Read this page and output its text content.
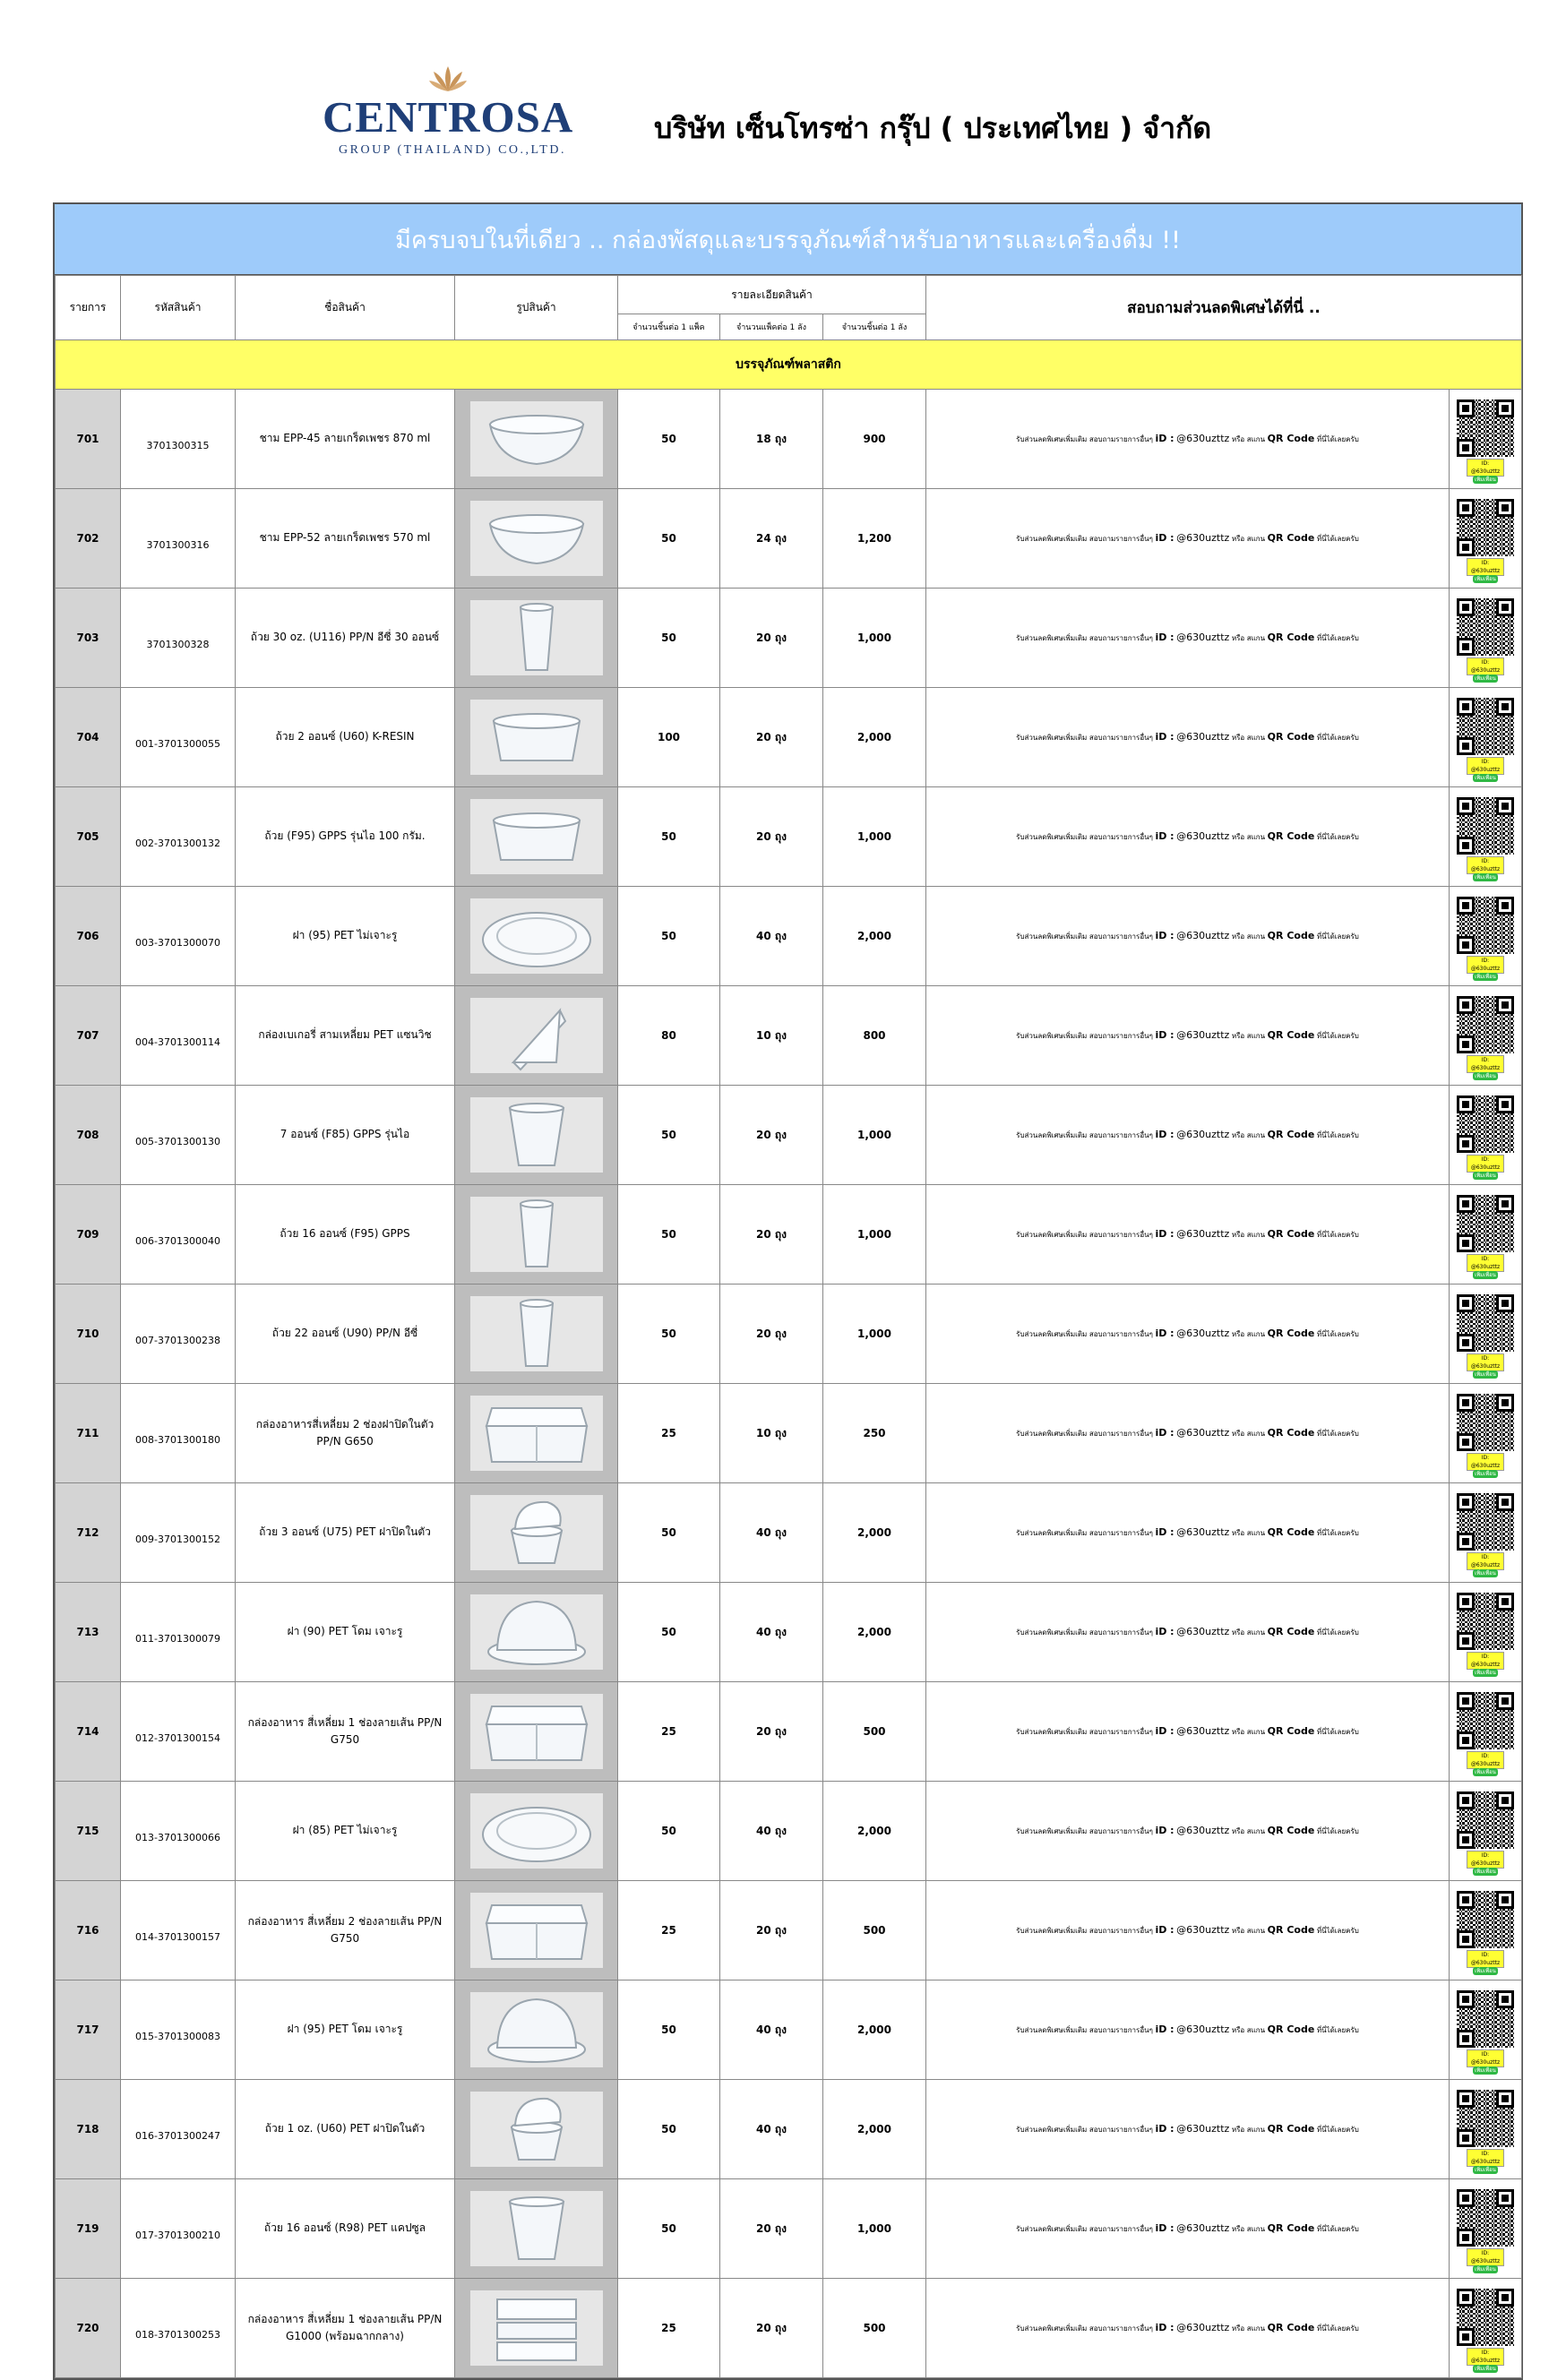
CENTROSA
GROUP (THAILAND) CO.,LTD.
บริษัท เซ็นโทรซ่า กรุ๊ป ( ประเทศไทย ) จำกัด
มีครบจบในที่เดียว .. กล่องพัสดุและบรรจุภัณฑ์สำหรับอาหารและเครื่องดื่ม !!
รายการ	รหัสสินค้า	ชื่อสินค้า	รูปสินค้า	รายละเอียดสินค้า			สอบถามส่วนลดพิเศษได้ที่นี่ ..	
				จำนวนชิ้นต่อ 1 แพ็ค	จำนวนแพ็คต่อ 1 ลัง	จำนวนชิ้นต่อ 1 ลัง		
บรรจุภัณฑ์พลาสติก								
701	3701300315	ชาม EPP-45 ลายเกร็ดเพชร 870 ml		50	18 ถุง	900	รับส่วนลดพิเศษเพิ่มเติม สอบถามรายการอื่นๆ iD : @630uzttz หรือ สแกน QR Code ที่นี่ได้เลยครับ	ID: @630uzttz
เพิ่มเพื่อน

702	3701300316	ชาม EPP-52 ลายเกร็ดเพชร 570 ml		50	24 ถุง	1,200	รับส่วนลดพิเศษเพิ่มเติม สอบถามรายการอื่นๆ iD : @630uzttz หรือ สแกน QR Code ที่นี่ได้เลยครับ	ID: @630uzttz
เพิ่มเพื่อน

703	3701300328	ถ้วย 30 oz. (U116) PP/N อีซี่ 30 ออนซ์		50	20 ถุง	1,000	รับส่วนลดพิเศษเพิ่มเติม สอบถามรายการอื่นๆ iD : @630uzttz หรือ สแกน QR Code ที่นี่ได้เลยครับ	ID: @630uzttz
เพิ่มเพื่อน

704	001-3701300055	ถ้วย 2 ออนซ์ (U60) K-RESIN		100	20 ถุง	2,000	รับส่วนลดพิเศษเพิ่มเติม สอบถามรายการอื่นๆ iD : @630uzttz หรือ สแกน QR Code ที่นี่ได้เลยครับ	ID: @630uzttz
เพิ่มเพื่อน

705	002-3701300132	ถ้วย (F95) GPPS รุ่นไอ 100 กรัม.		50	20 ถุง	1,000	รับส่วนลดพิเศษเพิ่มเติม สอบถามรายการอื่นๆ iD : @630uzttz หรือ สแกน QR Code ที่นี่ได้เลยครับ	ID: @630uzttz
เพิ่มเพื่อน

706	003-3701300070	ฝา (95) PET ไม่เจาะรู		50	40 ถุง	2,000	รับส่วนลดพิเศษเพิ่มเติม สอบถามรายการอื่นๆ iD : @630uzttz หรือ สแกน QR Code ที่นี่ได้เลยครับ	ID: @630uzttz
เพิ่มเพื่อน

707	004-3701300114	กล่องเบเกอรี่ สามเหลี่ยม PET แซนวิช		80	10 ถุง	800	รับส่วนลดพิเศษเพิ่มเติม สอบถามรายการอื่นๆ iD : @630uzttz หรือ สแกน QR Code ที่นี่ได้เลยครับ	ID: @630uzttz
เพิ่มเพื่อน

708	005-3701300130	7 ออนซ์ (F85) GPPS รุ่นไอ		50	20 ถุง	1,000	รับส่วนลดพิเศษเพิ่มเติม สอบถามรายการอื่นๆ iD : @630uzttz หรือ สแกน QR Code ที่นี่ได้เลยครับ	ID: @630uzttz
เพิ่มเพื่อน

709	006-3701300040	ถ้วย 16 ออนซ์ (F95) GPPS		50	20 ถุง	1,000	รับส่วนลดพิเศษเพิ่มเติม สอบถามรายการอื่นๆ iD : @630uzttz หรือ สแกน QR Code ที่นี่ได้เลยครับ	ID: @630uzttz
เพิ่มเพื่อน

710	007-3701300238	ถ้วย 22 ออนซ์ (U90) PP/N อีซี่		50	20 ถุง	1,000	รับส่วนลดพิเศษเพิ่มเติม สอบถามรายการอื่นๆ iD : @630uzttz หรือ สแกน QR Code ที่นี่ได้เลยครับ	ID: @630uzttz
เพิ่มเพื่อน

711	008-3701300180	กล่องอาหารสี่เหลี่ยม 2 ช่องฝาปิดในตัว PP/N G650		25	10 ถุง	250	รับส่วนลดพิเศษเพิ่มเติม สอบถามรายการอื่นๆ iD : @630uzttz หรือ สแกน QR Code ที่นี่ได้เลยครับ	ID: @630uzttz
เพิ่มเพื่อน

712	009-3701300152	ถ้วย 3 ออนซ์ (U75) PET ฝาปิดในตัว		50	40 ถุง	2,000	รับส่วนลดพิเศษเพิ่มเติม สอบถามรายการอื่นๆ iD : @630uzttz หรือ สแกน QR Code ที่นี่ได้เลยครับ	ID: @630uzttz
เพิ่มเพื่อน

713	011-3701300079	ฝา (90) PET โดม เจาะรู		50	40 ถุง	2,000	รับส่วนลดพิเศษเพิ่มเติม สอบถามรายการอื่นๆ iD : @630uzttz หรือ สแกน QR Code ที่นี่ได้เลยครับ	ID: @630uzttz
เพิ่มเพื่อน

714	012-3701300154	กล่องอาหาร สี่เหลี่ยม 1 ช่องลายเส้น PP/N G750		25	20 ถุง	500	รับส่วนลดพิเศษเพิ่มเติม สอบถามรายการอื่นๆ iD : @630uzttz หรือ สแกน QR Code ที่นี่ได้เลยครับ	ID: @630uzttz
เพิ่มเพื่อน

715	013-3701300066	ฝา (85) PET ไม่เจาะรู		50	40 ถุง	2,000	รับส่วนลดพิเศษเพิ่มเติม สอบถามรายการอื่นๆ iD : @630uzttz หรือ สแกน QR Code ที่นี่ได้เลยครับ	ID: @630uzttz
เพิ่มเพื่อน

716	014-3701300157	กล่องอาหาร สี่เหลี่ยม 2 ช่องลายเส้น PP/N G750		25	20 ถุง	500	รับส่วนลดพิเศษเพิ่มเติม สอบถามรายการอื่นๆ iD : @630uzttz หรือ สแกน QR Code ที่นี่ได้เลยครับ	ID: @630uzttz
เพิ่มเพื่อน

717	015-3701300083	ฝา (95) PET โดม เจาะรู		50	40 ถุง	2,000	รับส่วนลดพิเศษเพิ่มเติม สอบถามรายการอื่นๆ iD : @630uzttz หรือ สแกน QR Code ที่นี่ได้เลยครับ	ID: @630uzttz
เพิ่มเพื่อน

718	016-3701300247	ถ้วย 1 oz. (U60) PET ฝาปิดในตัว		50	40 ถุง	2,000	รับส่วนลดพิเศษเพิ่มเติม สอบถามรายการอื่นๆ iD : @630uzttz หรือ สแกน QR Code ที่นี่ได้เลยครับ	ID: @630uzttz
เพิ่มเพื่อน

719	017-3701300210	ถ้วย 16 ออนซ์ (R98) PET แคปซูล		50	20 ถุง	1,000	รับส่วนลดพิเศษเพิ่มเติม สอบถามรายการอื่นๆ iD : @630uzttz หรือ สแกน QR Code ที่นี่ได้เลยครับ	ID: @630uzttz
เพิ่มเพื่อน

720	018-3701300253	กล่องอาหาร สี่เหลี่ยม 1 ช่องลายเส้น PP/N G1000 (พร้อมฉากกลาง)		25	20 ถุง	500	รับส่วนลดพิเศษเพิ่มเติม สอบถามรายการอื่นๆ iD : @630uzttz หรือ สแกน QR Code ที่นี่ได้เลยครับ	ID: @630uzttz
เพิ่มเพื่อน
